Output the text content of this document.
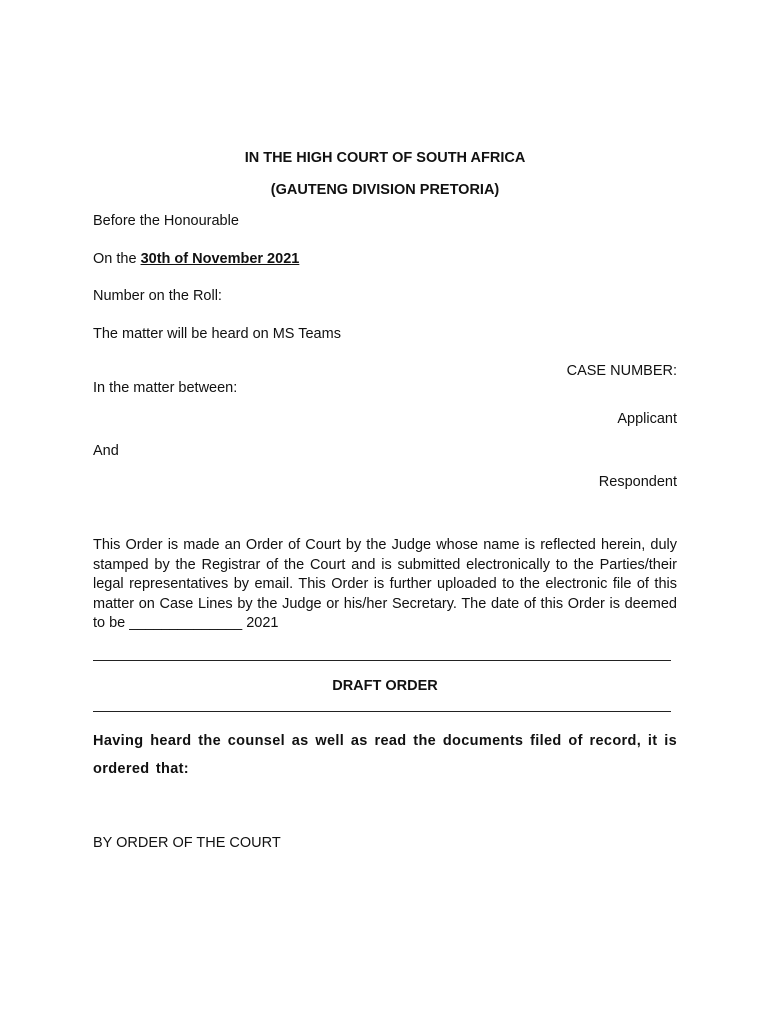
IN THE HIGH COURT OF SOUTH AFRICA
(GAUTENG DIVISION PRETORIA)
Before the Honourable
On the 30th of November 2021
Number on the Roll:
The matter will be heard on MS Teams
CASE NUMBER:
In the matter between:
Applicant
And
Respondent
This Order is made an Order of Court by the Judge whose name is reflected herein, duly stamped by the Registrar of the Court and is submitted electronically to the Parties/their legal representatives by email. This Order is further uploaded to the electronic file of this matter on Case Lines by the Judge or his/her Secretary. The date of this Order is deemed to be ______________ 2021
DRAFT ORDER
Having heard the counsel as well as read the documents filed of record, it is ordered that:
BY ORDER OF THE COURT
